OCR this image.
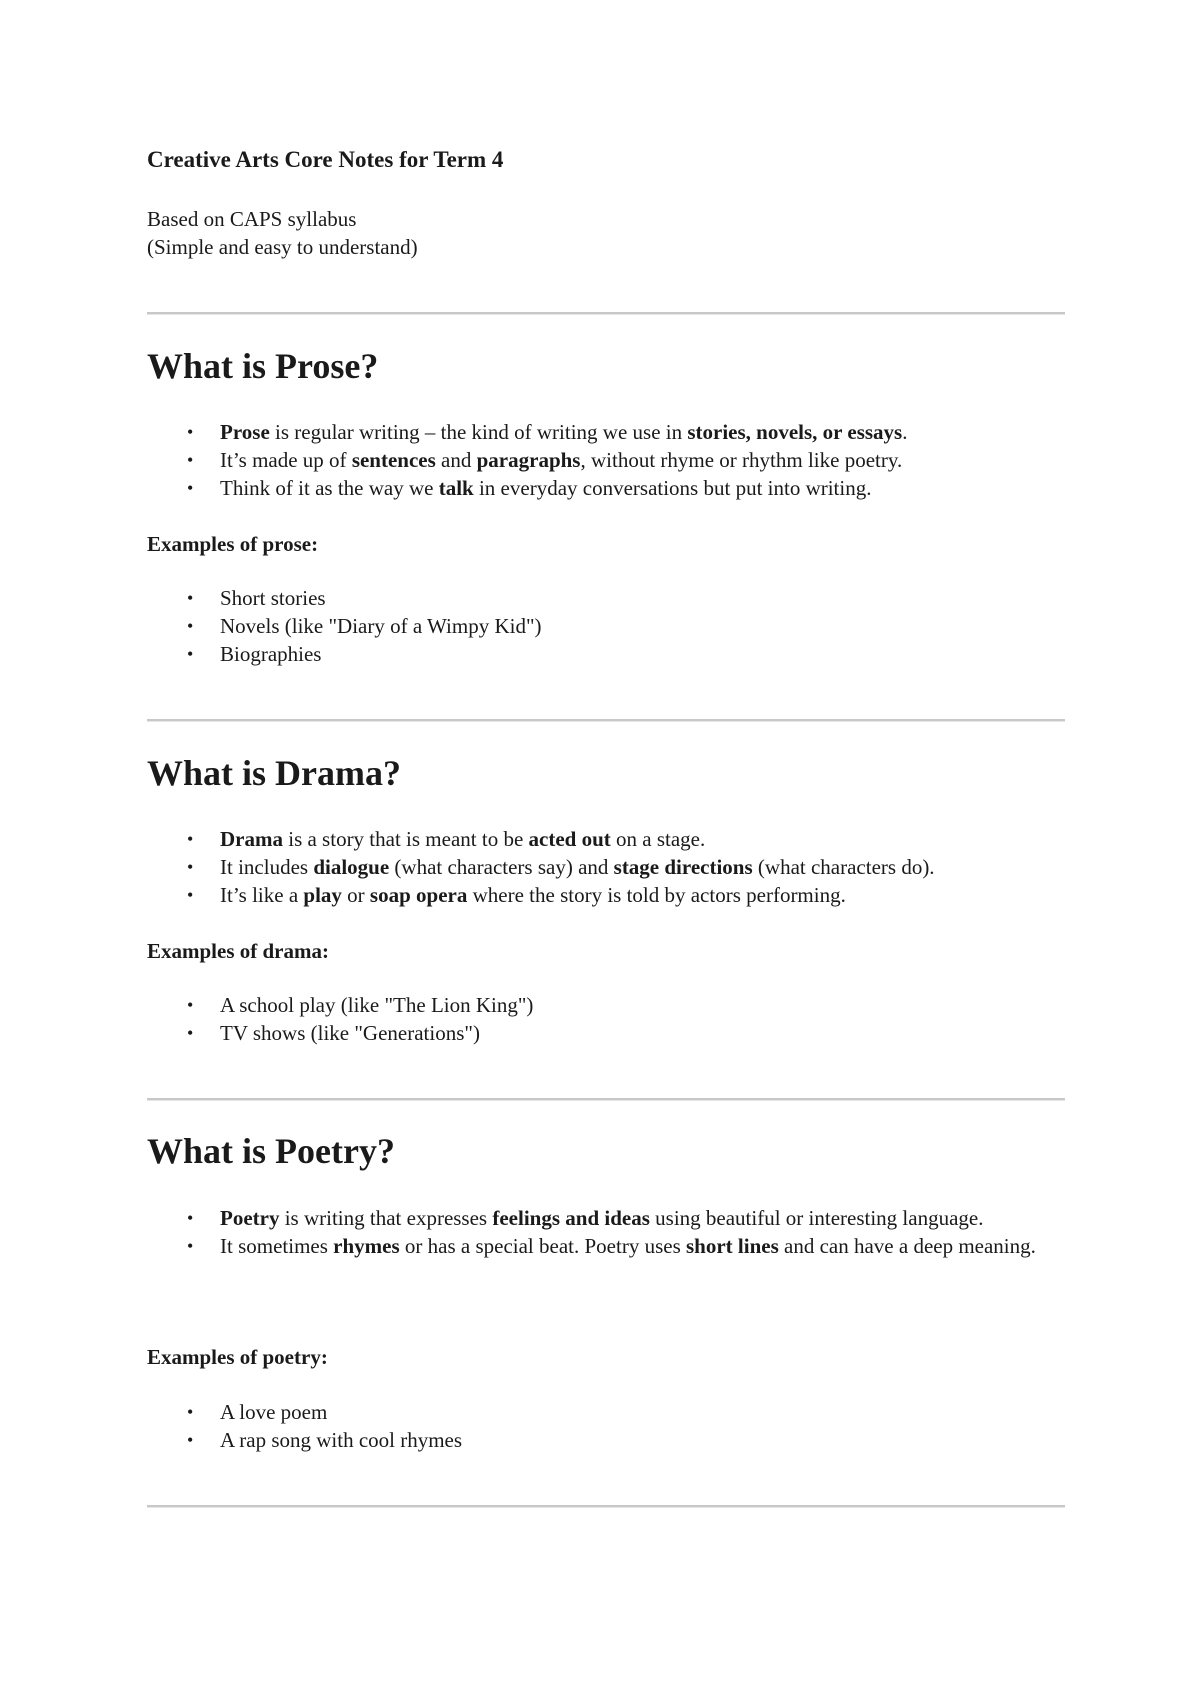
Creative Arts Core Notes for Term 4

Based on CAPS syllabus

(Simple and easy to understand)

What is Prose?
• Prose is regular writing – the kind of writing we use in stories, novels, or essays.
• It’s made up of sentences and paragraphs, without rhyme or rhythm like poetry.
• Think of it as the way we talk in everyday conversations but put into writing.

Examples of prose:

• Short stories
• Novels (like "Diary of a Wimpy Kid")
• Biographies
What is Drama?
• Drama is a story that is meant to be acted out on a stage.
• It includes dialogue (what characters say) and stage directions (what characters do).
• It’s like a play or soap opera where the story is told by actors performing.

Examples of drama:

• A school play (like "The Lion King")
• TV shows (like "Generations")
What is Poetry?
• Poetry is writing that expresses feelings and ideas using beautiful or interesting language.
• It sometimes rhymes or has a special beat. Poetry uses short lines and can have a deep meaning.

Examples of poetry:

• A love poem
• A rap song with cool rhymes
